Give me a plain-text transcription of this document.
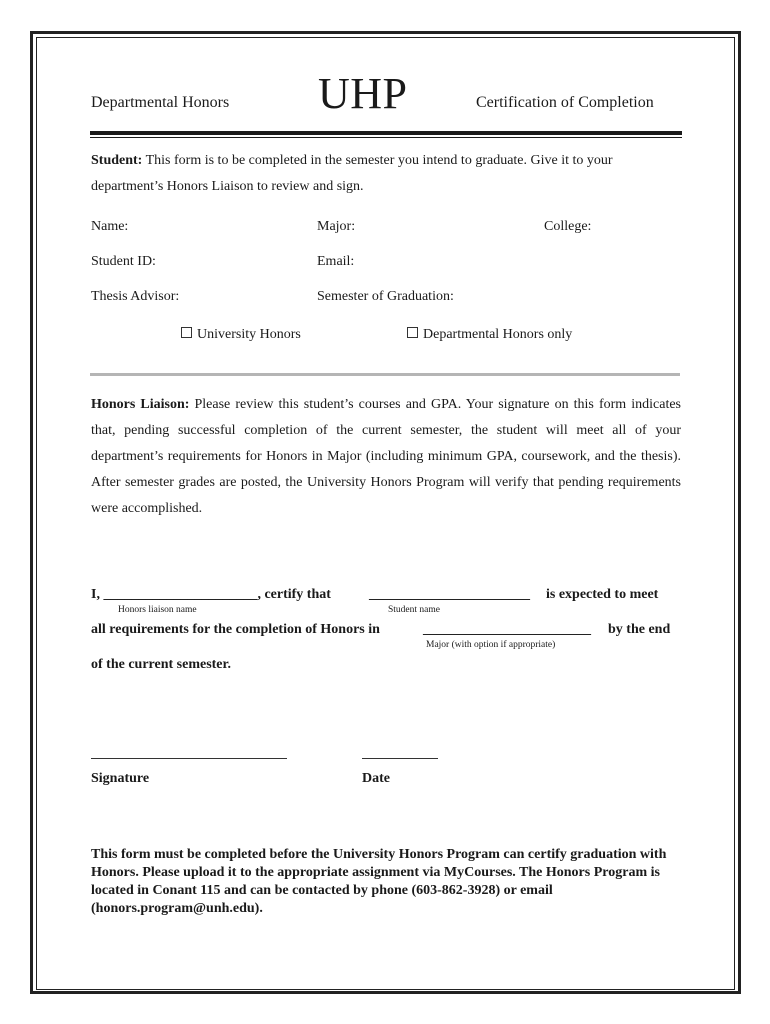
Departmental Honors UHP	Certification of Completion
Student: This form is to be completed in the semester you intend to graduate. Give it to your department’s Honors Liaison to review and sign.
Name:	Major:	College:
Student ID:	Email:
Thesis Advisor:	Semester of Graduation:
University Honors	Departmental Honors only
Honors Liaison: Please review this student’s courses and GPA. Your signature on this form indicates that, pending successful completion of the current semester, the student will meet all of your department’s requirements for Honors in Major (including minimum GPA, coursework, and the thesis). After semester grades are posted, the University Honors Program will verify that pending requirements were accomplished.
I, ______________________, certify that	_______________________ is expected to meet
Honors liaison name	Student name
all requirements for the completion of Honors in	________________________ by the end
Major (with option if appropriate)
of the current semester.
Signature	Date
This form must be completed before the University Honors Program can certify graduation with Honors. Please upload it to the appropriate assignment via MyCourses. The Honors Program is located in Conant 115 and can be contacted by phone (603-862-3928) or email (honors.program@unh.edu).
